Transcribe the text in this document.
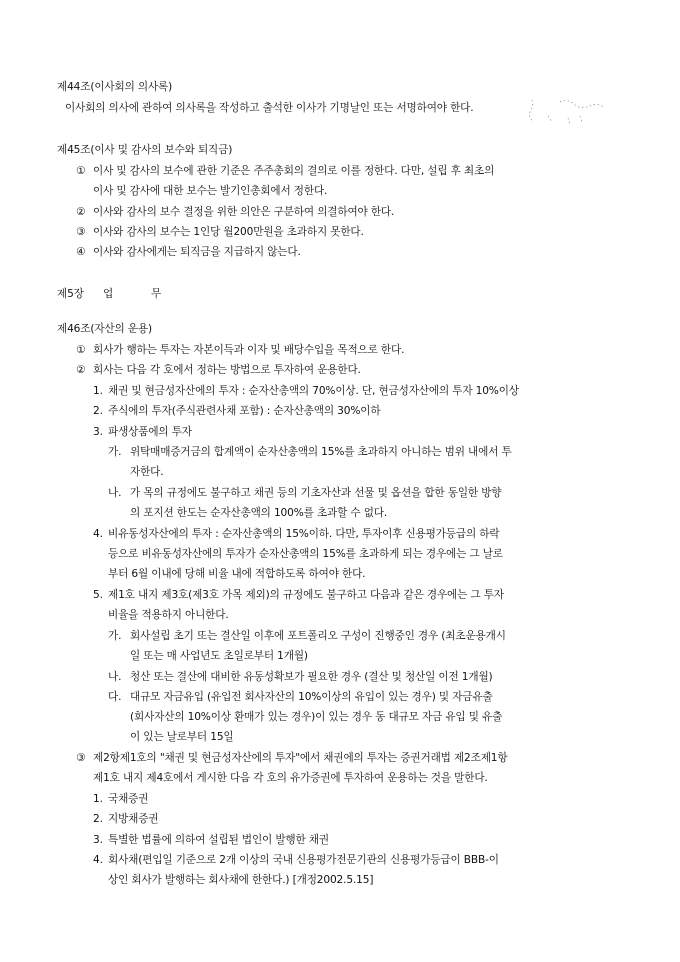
제44조(이사회의 의사록)
이사회의 의사에 관하여 의사록을 작성하고 출석한 이사가 기명날인 또는 서명하여야 한다.
제45조(이사 및 감사의 보수와 퇴직금)
① 이사 및 감사의 보수에 관한 기준은 주주총회의 결의로 이를 정한다. 다만, 설립 후 최초의
이사 및 감사에 대한 보수는 발기인총회에서 정한다.
② 이사와 감사의 보수 결정을 위한 의안은 구분하여 의결하여야 한다.
③ 이사와 감사의 보수는 1인당 월200만원을 초과하지 못한다.
④ 이사와 감사에게는 퇴직금을 지급하지 않는다.
제5장 업	무
제46조(자산의 운용)
① 회사가 행하는 투자는 자본이득과 이자 및 배당수입을 목적으로 한다.
② 회사는 다음 각 호에서 정하는 방법으로 투자하여 운용한다.
1. 채권 및 현금성자산에의 투자 : 순자산총액의 70%이상. 단, 현금성자산에의 투자 10%이상
2. 주식에의 투자(주식관련사채 포함) : 순자산총액의 30%이하
3. 파생상품에의 투자
가. 위탁매매증거금의 합계액이 순자산총액의 15%를 초과하지 아니하는 범위 내에서 투
자한다.
나. 가 목의 규정에도 불구하고 채권 등의 기초자산과 선물 및 옵션을 합한 동일한 방향
의 포지션 한도는 순자산총액의 100%를 초과할 수 없다.
4. 비유동성자산에의 투자 : 순자산총액의 15%이하. 다만, 투자이후 신용평가등급의 하락
등으로 비유동성자산에의 투자가 순자산총액의 15%를 초과하게 되는 경우에는 그 날로
부터 6월 이내에 당해 비율 내에 적합하도록 하여야 한다.
5. 제1호 내지 제3호(제3호 가목 제외)의 규정에도 불구하고 다음과 같은 경우에는 그 투자
비율을 적용하지 아니한다.
가. 회사설립 초기 또는 결산일 이후에 포트폴리오 구성이 진행중인 경우 (최초운용개시
일 또는 매 사업년도 초일로부터 1개월)
나. 청산 또는 결산에 대비한 유동성확보가 필요한 경우 (결산 및 청산일 이전 1개월)
다. 대규모 자금유입 (유입전 회사자산의 10%이상의 유입이 있는 경우) 및 자금유출
(회사자산의 10%이상 환매가 있는 경우)이 있는 경우 동 대규모 자금 유입 및 유출
이 있는 날로부터 15일
③ 제2항제1호의 "채권 및 현금성자산에의 투자"에서 채권에의 투자는 증권거래법 제2조제1항
제1호 내지 제4호에서 게시한 다음 각 호의 유가증권에 투자하여 운용하는 것을 말한다.
1. 국채증권
2. 지방채증권
3. 특별한 법률에 의하여 설립된 법인이 발행한 채권
4. 회사채(편입일 기준으로 2개 이상의 국내 신용평가전문기관의 신용평가등급이 BBB-이
상인 회사가 발행하는 회사채에 한한다.) [개정2002.5.15]
